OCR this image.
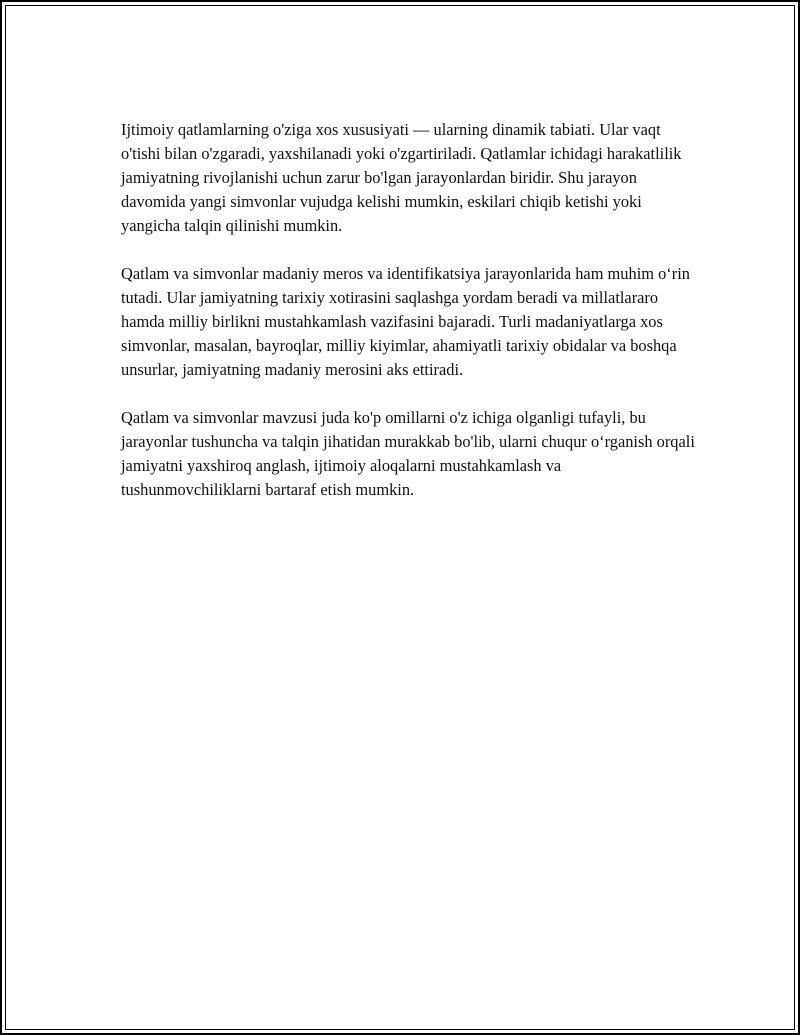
Ijtimoiy qatlamlarning o'ziga xos xususiyati — ularning dinamik tabiati. Ular vaqt o'tishi bilan o'zgaradi, yaxshilanadi yoki o'zgartiriladi. Qatlamlar ichidagi harakatlilik jamiyatning rivojlanishi uchun zarur bo'lgan jarayonlardan biridir. Shu jarayon davomida yangi simvonlar vujudga kelishi mumkin, eskilari chiqib ketishi yoki yangicha talqin qilinishi mumkin.

Qatlam va simvonlar madaniy meros va identifikatsiya jarayonlarida ham muhim oʻrin tutadi. Ular jamiyatning tarixiy xotirasini saqlashga yordam beradi va millatlararo hamda milliy birlikni mustahkamlash vazifasini bajaradi. Turli madaniyatlarga xos simvonlar, masalan, bayroqlar, milliy kiyimlar, ahamiyatli tarixiy obidalar va boshqa unsurlar, jamiyatning madaniy merosini aks ettiradi.

Qatlam va simvonlar mavzusi juda ko'p omillarni o'z ichiga olganligi tufayli, bu jarayonlar tushuncha va talqin jihatidan murakkab bo'lib, ularni chuqur oʻrganish orqali jamiyatni yaxshiroq anglash, ijtimoiy aloqalarni mustahkamlash va tushunmovchiliklarni bartaraf etish mumkin.
